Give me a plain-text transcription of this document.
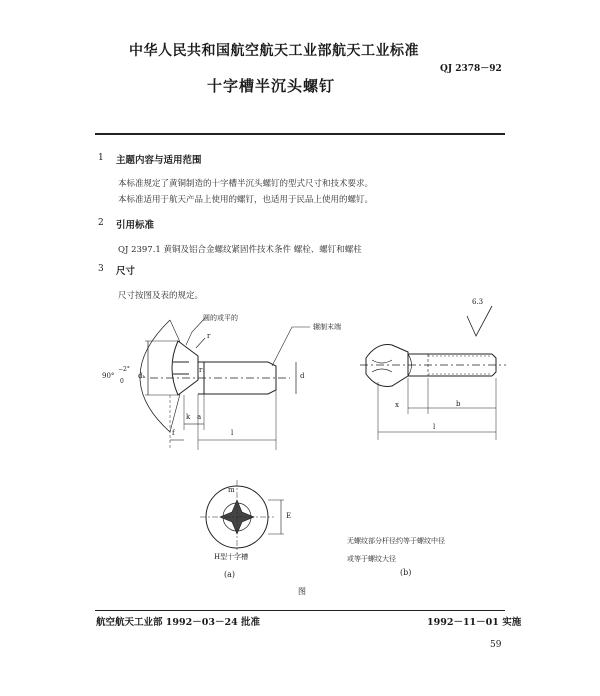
中华人民共和国航空航天工业部航天工业标准
QJ 2378－92
十字槽半沉头螺钉
1 主题内容与适用范围
本标准规定了黄铜制造的十字槽半沉头螺钉的型式尺寸和技术要求。
本标准适用于航天产品上使用的螺钉，也适用于民品上使用的螺钉。
2 引用标准
QJ 2397.1 黄铜及铝合金螺纹紧固件技术条件 螺栓、螺钉和螺柱
3 尺寸
尺寸按图及表的规定。
圆的或平的
辗制末端
r
r₁
d
dₖ
90°
−2°
0
k a
f	l
6.3
x	b
l
m
E
H型十字槽
(a)
无螺纹部分杆径约等于螺纹中径
或等于螺纹大径
(b)
图
航空航天工业部 1992－03－24 批准	1992－11－01 实施
59
